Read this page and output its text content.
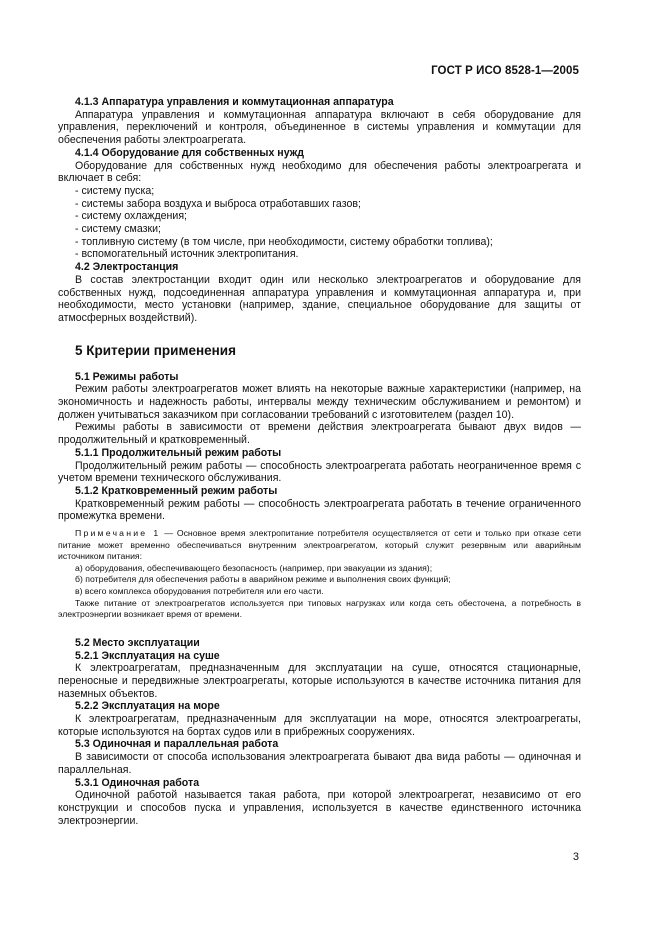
ГОСТ Р ИСО 8528-1—2005

4.1.3 Аппаратура управления и коммутационная аппаратура

Аппаратура управления и коммутационная аппаратура включают в себя оборудование для управления, переключений и контроля, объединенное в системы управления и коммутации для обеспечения работы электроагрегата.

4.1.4 Оборудование для собственных нужд

Оборудование для собственных нужд необходимо для обеспечения работы электроагрегата и включает в себя:

- систему пуска;

- системы забора воздуха и выброса отработавших газов;

- систему охлаждения;

- систему смазки;

- топливную систему (в том числе, при необходимости, систему обработки топлива);

- вспомогательный источник электропитания.

4.2 Электростанция

В состав электростанции входит один или несколько электроагрегатов и оборудование для собственных нужд, подсоединенная аппаратура управления и коммутационная аппаратура и, при необходимости, место установки (например, здание, специальное оборудование для защиты от атмосферных воздействий).

5 Критерии применения

5.1 Режимы работы

Режим работы электроагрегатов может влиять на некоторые важные характеристики (например, на экономичность и надежность работы, интервалы между техническим обслуживанием и ремонтом) и должен учитываться заказчиком при согласовании требований с изготовителем (раздел 10).

Режимы работы в зависимости от времени действия электроагрегата бывают двух видов — продолжительный и кратковременный.

5.1.1 Продолжительный режим работы

Продолжительный режим работы — способность электроагрегата работать неограниченное время с учетом времени технического обслуживания.

5.1.2 Кратковременный режим работы

Кратковременный режим работы — способность электроагрегата работать в течение ограниченного промежутка времени.

Примечание 1 — Основное время электропитание потребителя осуществляется от сети и только при отказе сети питание может временно обеспечиваться внутренним электроагрегатом, который служит резервным или аварийным источником питания:

а) оборудования, обеспечивающего безопасность (например, при эвакуации из здания);

б) потребителя для обеспечения работы в аварийном режиме и выполнения своих функций;

в) всего комплекса оборудования потребителя или его части.

Также питание от электроагрегатов используется при типовых нагрузках или когда сеть обесточена, а потребность в электроэнергии возникает время от времени.

5.2 Место эксплуатации

5.2.1 Эксплуатация на суше

К электроагрегатам, предназначенным для эксплуатации на суше, относятся стационарные, переносные и передвижные электроагрегаты, которые используются в качестве источника питания для наземных объектов.

5.2.2 Эксплуатация на море

К электроагрегатам, предназначенным для эксплуатации на море, относятся электроагрегаты, которые используются на бортах судов или в прибрежных сооружениях.

5.3 Одиночная и параллельная работа

В зависимости от способа использования электроагрегата бывают два вида работы — одиночная и параллельная.

5.3.1 Одиночная работа

Одиночной работой называется такая работа, при которой электроагрегат, независимо от его конструкции и способов пуска и управления, используется в качестве единственного источника электроэнергии.

3
